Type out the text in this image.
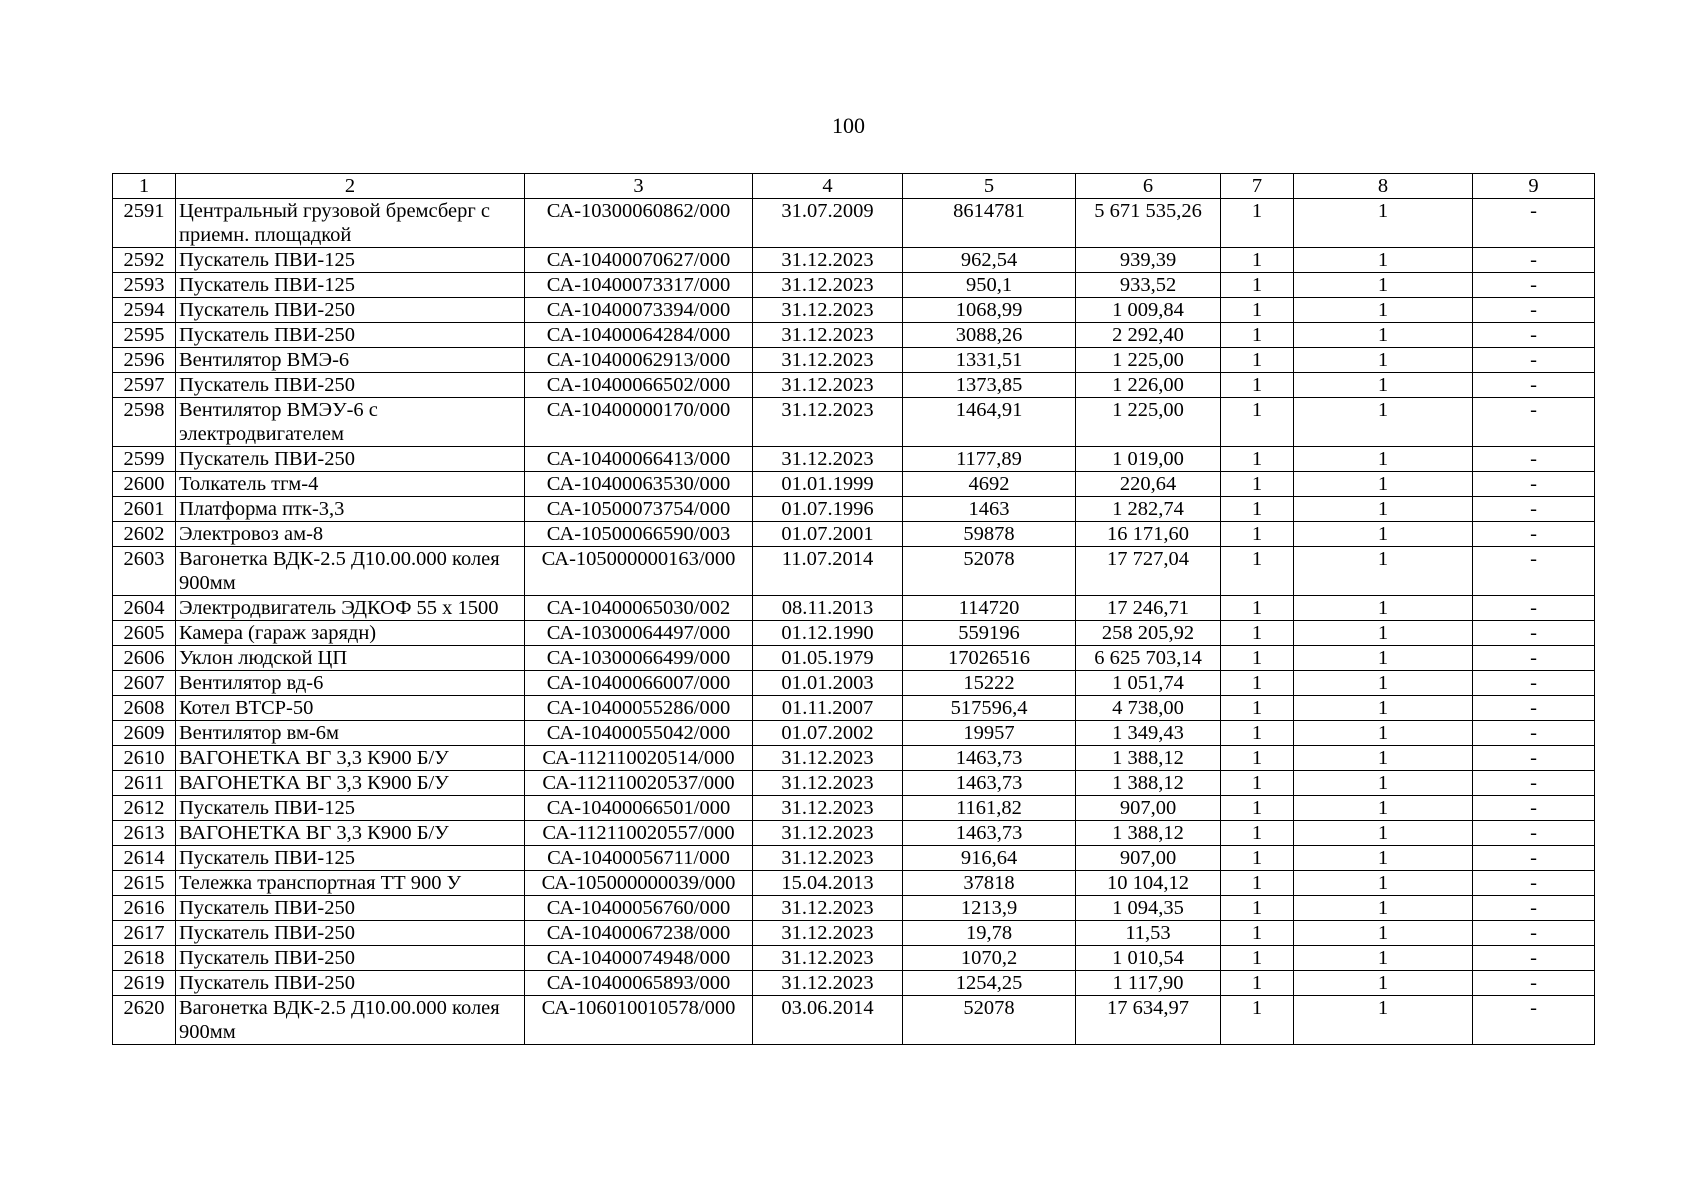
100
1	2	3	4	5	6	7	8	9
2591	Центральный грузовой бремсберг с приемн. площадкой	СА-10300060862/000	31.07.2009	8614781	5 671 535,26	1	1	-
2592	Пускатель ПВИ-125	СА-10400070627/000	31.12.2023	962,54	939,39	1	1	-
2593	Пускатель ПВИ-125	СА-10400073317/000	31.12.2023	950,1	933,52	1	1	-
2594	Пускатель ПВИ-250	СА-10400073394/000	31.12.2023	1068,99	1 009,84	1	1	-
2595	Пускатель ПВИ-250	СА-10400064284/000	31.12.2023	3088,26	2 292,40	1	1	-
2596	Вентилятор ВМЭ-6	СА-10400062913/000	31.12.2023	1331,51	1 225,00	1	1	-
2597	Пускатель ПВИ-250	СА-10400066502/000	31.12.2023	1373,85	1 226,00	1	1	-
2598	Вентилятор ВМЭУ-6 с электродвигателем	СА-10400000170/000	31.12.2023	1464,91	1 225,00	1	1	-
2599	Пускатель ПВИ-250	СА-10400066413/000	31.12.2023	1177,89	1 019,00	1	1	-
2600	Толкатель тгм-4	СА-10400063530/000	01.01.1999	4692	220,64	1	1	-
2601	Платформа птк-3,3	СА-10500073754/000	01.07.1996	1463	1 282,74	1	1	-
2602	Электровоз ам-8	СА-10500066590/003	01.07.2001	59878	16 171,60	1	1	-
2603	Вагонетка ВДК-2.5 Д10.00.000 колея 900мм	СА-105000000163/000	11.07.2014	52078	17 727,04	1	1	-
2604	Электродвигатель ЭДКОФ 55 х 1500	СА-10400065030/002	08.11.2013	114720	17 246,71	1	1	-
2605	Камера (гараж зарядн)	СА-10300064497/000	01.12.1990	559196	258 205,92	1	1	-
2606	Уклон людской ЦП	СА-10300066499/000	01.05.1979	17026516	6 625 703,14	1	1	-
2607	Вентилятор вд-6	СА-10400066007/000	01.01.2003	15222	1 051,74	1	1	-
2608	Котел ВТСР-50	СА-10400055286/000	01.11.2007	517596,4	4 738,00	1	1	-
2609	Вентилятор вм-6м	СА-10400055042/000	01.07.2002	19957	1 349,43	1	1	-
2610	ВАГОНЕТКА ВГ 3,3 К900 Б/У	СА-112110020514/000	31.12.2023	1463,73	1 388,12	1	1	-
2611	ВАГОНЕТКА ВГ 3,3 К900 Б/У	СА-112110020537/000	31.12.2023	1463,73	1 388,12	1	1	-
2612	Пускатель ПВИ-125	СА-10400066501/000	31.12.2023	1161,82	907,00	1	1	-
2613	ВАГОНЕТКА ВГ 3,3 К900 Б/У	СА-112110020557/000	31.12.2023	1463,73	1 388,12	1	1	-
2614	Пускатель ПВИ-125	СА-10400056711/000	31.12.2023	916,64	907,00	1	1	-
2615	Тележка транспортная ТТ 900 У	СА-105000000039/000	15.04.2013	37818	10 104,12	1	1	-
2616	Пускатель ПВИ-250	СА-10400056760/000	31.12.2023	1213,9	1 094,35	1	1	-
2617	Пускатель ПВИ-250	СА-10400067238/000	31.12.2023	19,78	11,53	1	1	-
2618	Пускатель ПВИ-250	СА-10400074948/000	31.12.2023	1070,2	1 010,54	1	1	-
2619	Пускатель ПВИ-250	СА-10400065893/000	31.12.2023	1254,25	1 117,90	1	1	-
2620	Вагонетка ВДК-2.5 Д10.00.000 колея 900мм	СА-106010010578/000	03.06.2014	52078	17 634,97	1	1	-
